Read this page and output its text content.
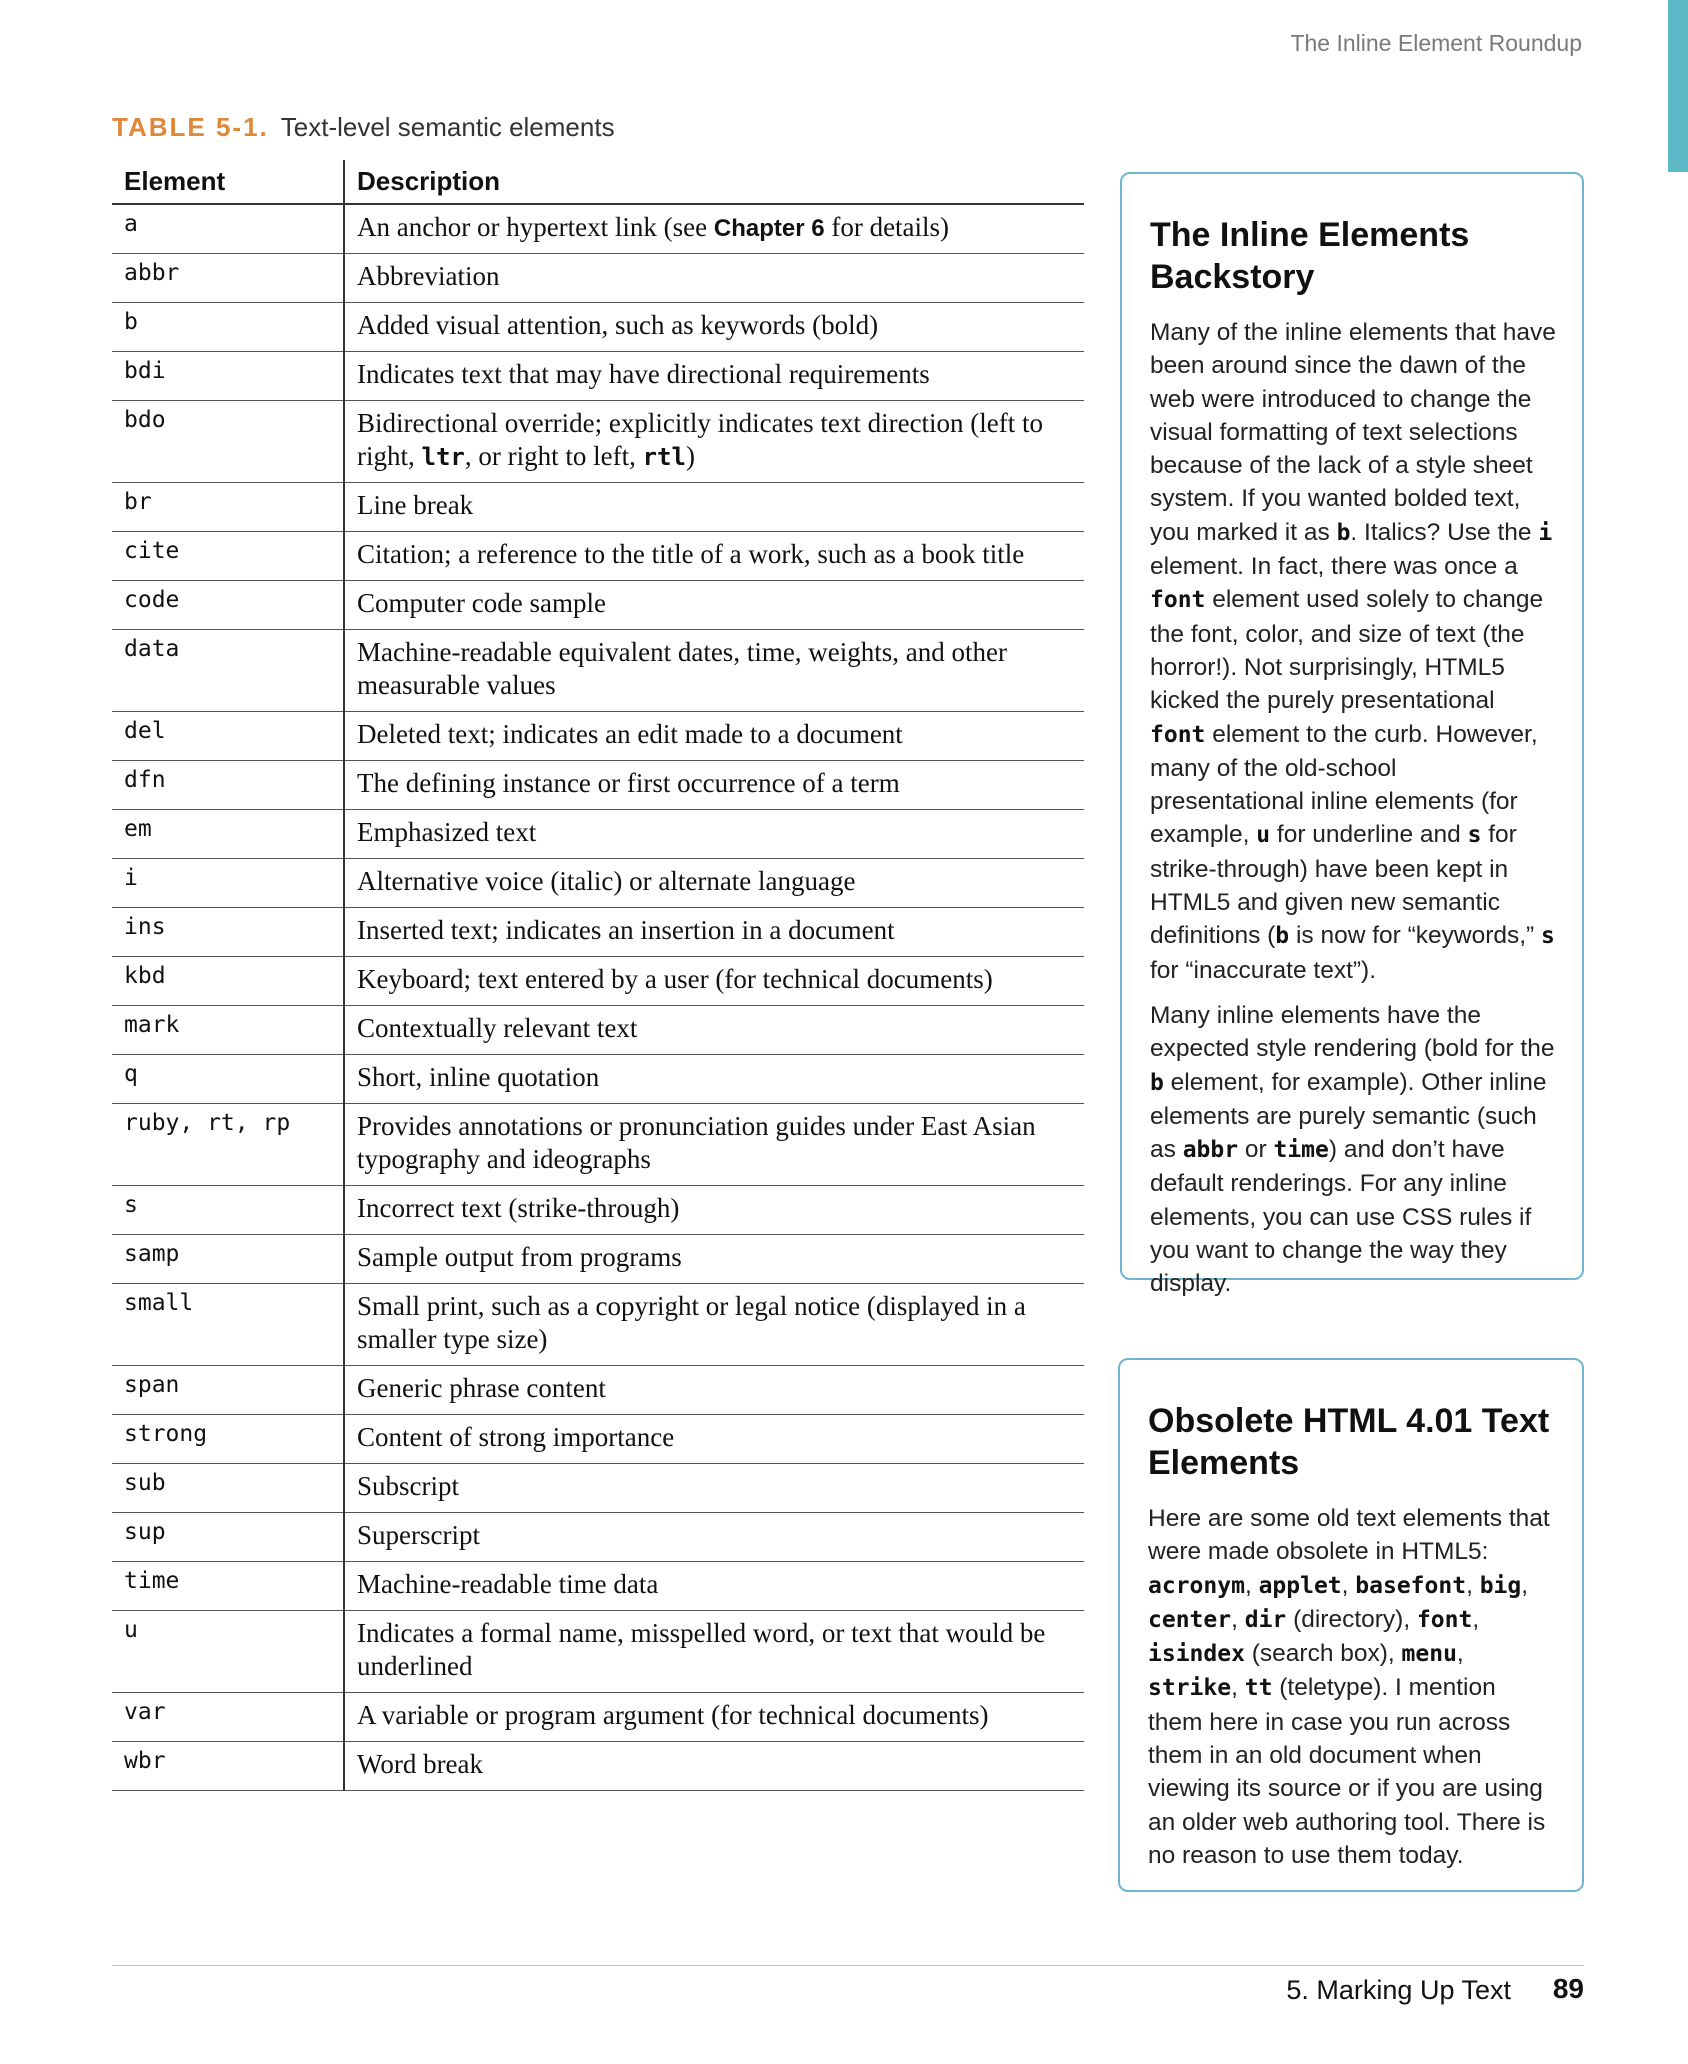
The Inline Element Roundup
TABLE 5-1. Text-level semantic elements
Element	Description
a	An anchor or hypertext link (see Chapter 6 for details)
abbr	Abbreviation
b	Added visual attention, such as keywords (bold)
bdi	Indicates text that may have directional requirements
bdo	Bidirectional override; explicitly indicates text direction (left to right, ltr, or right to left, rtl)
br	Line break
cite	Citation; a reference to the title of a work, such as a book title
code	Computer code sample
data	Machine-readable equivalent dates, time, weights, and other measurable values
del	Deleted text; indicates an edit made to a document
dfn	The defining instance or first occurrence of a term
em	Emphasized text
i	Alternative voice (italic) or alternate language
ins	Inserted text; indicates an insertion in a document
kbd	Keyboard; text entered by a user (for technical documents)
mark	Contextually relevant text
q	Short, inline quotation
ruby, rt, rp	Provides annotations or pronunciation guides under East Asian typography and ideographs
s	Incorrect text (strike-through)
samp	Sample output from programs
small	Small print, such as a copyright or legal notice (displayed in a smaller type size)
span	Generic phrase content
strong	Content of strong importance
sub	Subscript
sup	Superscript
time	Machine-readable time data
u	Indicates a formal name, misspelled word, or text that would be underlined
var	A variable or program argument (for technical documents)
wbr	Word break
The Inline Elements Backstory

Many of the inline elements that have been around since the dawn of the web were introduced to change the visual formatting of text selections because of the lack of a style sheet system. If you wanted bolded text, you marked it as b. Italics? Use the i element. In fact, there was once a font element used solely to change the font, color, and size of text (the horror!). Not surprisingly, HTML5 kicked the purely presentational font element to the curb. However, many of the old-school presentational inline elements (for example, u for underline and s for strike-through) have been kept in HTML5 and given new semantic definitions (b is now for “keywords,” s for “inaccurate text”).

Many inline elements have the expected style rendering (bold for the b element, for example). Other inline elements are purely semantic (such as abbr or time) and don’t have default renderings. For any inline elements, you can use CSS rules if you want to change the way they display.

Obsolete HTML 4.01 Text Elements

Here are some old text elements that were made obsolete in HTML5: acronym, applet, basefont, big, center, dir (directory), font, isindex (search box), menu, strike, tt (teletype). I mention them here in case you run across them in an old document when viewing its source or if you are using an older web authoring tool. There is no reason to use them today.

5. Marking Up Text 89
